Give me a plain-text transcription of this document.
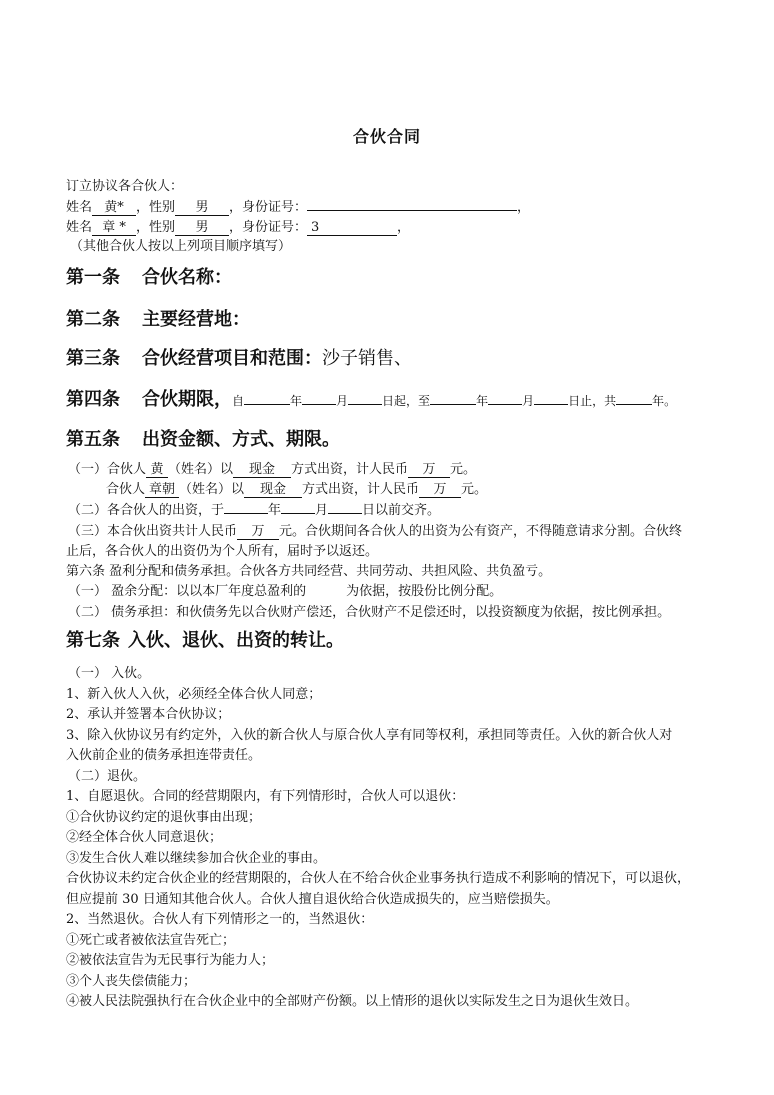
合伙合同
订立协议各合伙人：
姓名 黄* ，性别 男 ，身份证号：	，
姓名 章 * ，性别 男 ，身份证号： 3	，
（其他合伙人按以上列项目顺序填写）
第一条 合伙名称：
第二条 主要经营地：
第三条 合伙经营项目和范围：沙子销售、
第四条 合伙期限，自	年	月	日起，至	年	月	日止，共	年。
第五条 出资金额、方式、期限。
（一）合伙人 黄 （姓名）以 现金 方式出资，计人民币 万 元。
合伙人 章朝 （姓名）以 现金 方式出资，计人民币 万 元。
（二）各合伙人的出资，于	年	月	日以前交齐。
（三）本合伙出资共计人民币 万 元。合伙期间各合伙人的出资为公有资产，不得随意请求分割。合伙终
止后，各合伙人的出资仍为个人所有，届时予以返还。
第六条 盈利分配和债务承担。合伙各方共同经营、共同劳动、共担风险、共负盈亏。
（一） 盈余分配：以以本厂年度总盈利的	为依据，按股份比例分配。
（二） 债务承担：和伙债务先以合伙财产偿还，合伙财产不足偿还时，以投资额度为依据，按比例承担。
第七条 入伙、退伙、出资的转让。
（一） 入伙。
1、新入伙人入伙，必须经全体合伙人同意；
2、承认并签署本合伙协议；
3、除入伙协议另有约定外，入伙的新合伙人与原合伙人享有同等权利，承担同等责任。入伙的新合伙人对
入伙前企业的债务承担连带责任。
（二）退伙。
1、自愿退伙。合同的经营期限内，有下列情形时，合伙人可以退伙：
①合伙协议约定的退伙事由出现；
②经全体合伙人同意退伙；
③发生合伙人难以继续参加合伙企业的事由。
合伙协议未约定合伙企业的经营期限的，合伙人在不给合伙企业事务执行造成不利影响的情况下，可以退伙，
但应提前 30 日通知其他合伙人。合伙人擅自退伙给合伙造成损失的，应当赔偿损失。
2、当然退伙。合伙人有下列情形之一的，当然退伙：
①死亡或者被依法宣告死亡；
②被依法宣告为无民事行为能力人；
③个人丧失偿债能力；
④被人民法院强执行在合伙企业中的全部财产份额。以上情形的退伙以实际发生之日为退伙生效日。
